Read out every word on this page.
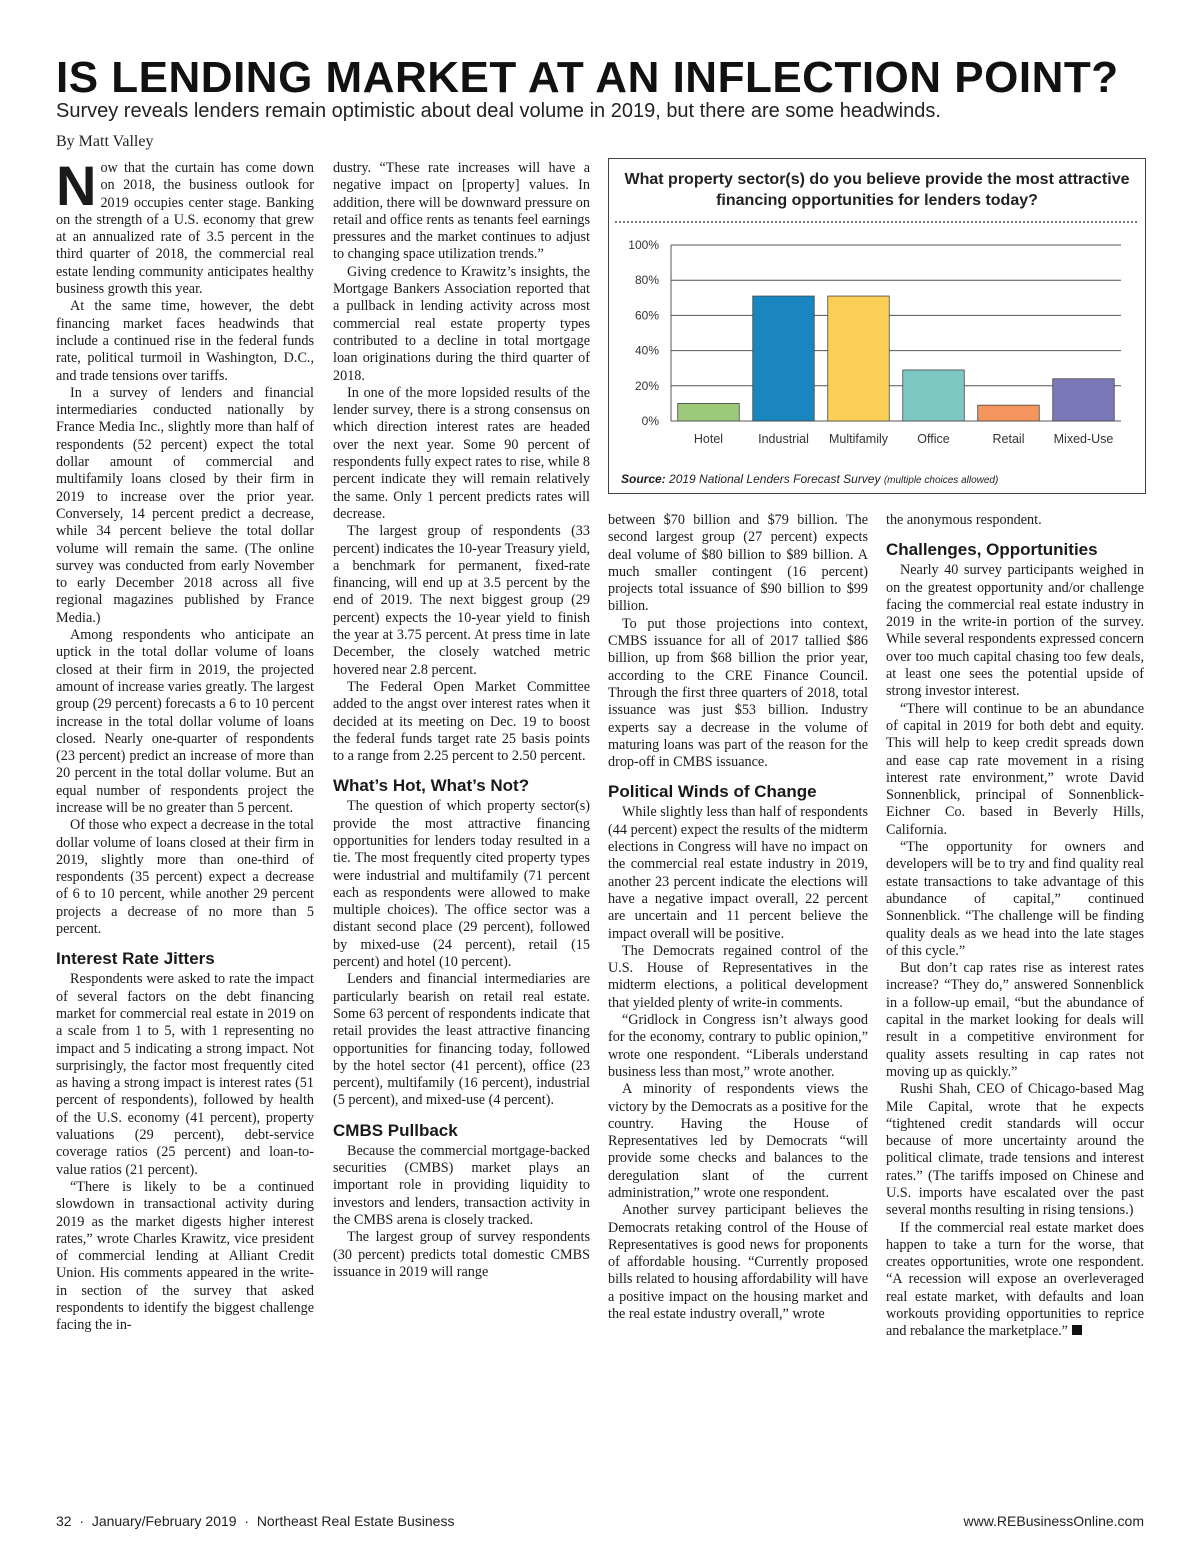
IS LENDING MARKET AT AN INFLECTION POINT?
Survey reveals lenders remain optimistic about deal volume in 2019, but there are some headwinds.
By Matt Valley

Now that the curtain has come down on 2018, the business outlook for 2019 occupies center stage. Banking on the strength of a U.S. economy that grew at an annualized rate of 3.5 percent in the third quarter of 2018, the commercial real estate lending community anticipates healthy business growth this year.

At the same time, however, the debt financing market faces headwinds that include a continued rise in the federal funds rate, political turmoil in Washington, D.C., and trade tensions over tariffs.

In a survey of lenders and financial intermediaries conducted nationally by France Media Inc., slightly more than half of respondents (52 percent) expect the total dollar amount of commercial and multifamily loans closed by their firm in 2019 to increase over the prior year. Conversely, 14 percent predict a decrease, while 34 percent believe the total dollar volume will remain the same. (The online survey was conducted from early November to early December 2018 across all five regional magazines published by France Media.)

Among respondents who anticipate an uptick in the total dollar volume of loans closed at their firm in 2019, the projected amount of increase varies greatly. The largest group (29 percent) forecasts a 6 to 10 percent increase in the total dollar volume of loans closed. Nearly one-quarter of respondents (23 percent) predict an increase of more than 20 percent in the total dollar volume. But an equal number of respondents project the increase will be no greater than 5 percent.

Of those who expect a decrease in the total dollar volume of loans closed at their firm in 2019, slightly more than one-third of respondents (35 percent) expect a decrease of 6 to 10 percent, while another 29 percent projects a decrease of no more than 5 percent.

Interest Rate Jitters

Respondents were asked to rate the impact of several factors on the debt financing market for commercial real estate in 2019 on a scale from 1 to 5, with 1 representing no impact and 5 indicating a strong impact. Not surprisingly, the factor most frequently cited as having a strong impact is interest rates (51 percent of respondents), followed by health of the U.S. economy (41 percent), property valuations (29 percent), debt-service coverage ratios (25 percent) and loan-to-value ratios (21 percent).

“There is likely to be a continued slowdown in transactional activity during 2019 as the market digests higher interest rates,” wrote Charles Krawitz, vice president of commercial lending at Alliant Credit Union. His comments appeared in the write-in section of the survey that asked respondents to identify the biggest challenge facing the in-

dustry. “These rate increases will have a negative impact on [property] values. In addition, there will be downward pressure on retail and office rents as tenants feel earnings pressures and the market continues to adjust to changing space utilization trends.”

Giving credence to Krawitz’s insights, the Mortgage Bankers Association reported that a pullback in lending activity across most commercial real estate property types contributed to a decline in total mortgage loan originations during the third quarter of 2018.

In one of the more lopsided results of the lender survey, there is a strong consensus on which direction interest rates are headed over the next year. Some 90 percent of respondents fully expect rates to rise, while 8 percent indicate they will remain relatively the same. Only 1 percent predicts rates will decrease.

The largest group of respondents (33 percent) indicates the 10-year Treasury yield, a benchmark for permanent, fixed-rate financing, will end up at 3.5 percent by the end of 2019. The next biggest group (29 percent) expects the 10-year yield to finish the year at 3.75 percent. At press time in late December, the closely watched metric hovered near 2.8 percent.

The Federal Open Market Committee added to the angst over interest rates when it decided at its meeting on Dec. 19 to boost the federal funds target rate 25 basis points to a range from 2.25 percent to 2.50 percent.

What’s Hot, What’s Not?

The question of which property sector(s) provide the most attractive financing opportunities for lenders today resulted in a tie. The most frequently cited property types were industrial and multifamily (71 percent each as respondents were allowed to make multiple choices). The office sector was a distant second place (29 percent), followed by mixed-use (24 percent), retail (15 percent) and hotel (10 percent).

Lenders and financial intermediaries are particularly bearish on retail real estate. Some 63 percent of respondents indicate that retail provides the least attractive financing opportunities for financing today, followed by the hotel sector (41 percent), office (23 percent), multifamily (16 percent), industrial (5 percent), and mixed-use (4 percent).

CMBS Pullback

Because the commercial mortgage-backed securities (CMBS) market plays an important role in providing liquidity to investors and lenders, transaction activity in the CMBS arena is closely tracked.

The largest group of survey respondents (30 percent) predicts total domestic CMBS issuance in 2019 will range

What property sector(s) do you believe provide the most attractive financing opportunities for lenders today?
0%
20%
40%
60%
80%
100%
Hotel	Industrial Multifamily Office	Retail Mixed-Use
Source: 2019 National Lenders Forecast Survey (multiple choices allowed)

between $70 billion and $79 billion. The second largest group (27 percent) expects deal volume of $80 billion to $89 billion. A much smaller contingent (16 percent) projects total issuance of $90 billion to $99 billion.

To put those projections into context, CMBS issuance for all of 2017 tallied $86 billion, up from $68 billion the prior year, according to the CRE Finance Council. Through the first three quarters of 2018, total issuance was just $53 billion. Industry experts say a decrease in the volume of maturing loans was part of the reason for the drop-off in CMBS issuance.

Political Winds of Change

While slightly less than half of respondents (44 percent) expect the results of the midterm elections in Congress will have no impact on the commercial real estate industry in 2019, another 23 percent indicate the elections will have a negative impact overall, 22 percent are uncertain and 11 percent believe the impact overall will be positive.

The Democrats regained control of the U.S. House of Representatives in the midterm elections, a political development that yielded plenty of write-in comments.

“Gridlock in Congress isn’t always good for the economy, contrary to public opinion,” wrote one respondent. “Liberals understand business less than most,” wrote another.

A minority of respondents views the victory by the Democrats as a positive for the country. Having the House of Representatives led by Democrats “will provide some checks and balances to the deregulation slant of the current administration,” wrote one respondent.

Another survey participant believes the Democrats retaking control of the House of Representatives is good news for proponents of affordable housing. “Currently proposed bills related to housing affordability will have a positive impact on the housing market and the real estate industry overall,” wrote

the anonymous respondent.

Challenges, Opportunities

Nearly 40 survey participants weighed in on the greatest opportunity and/or challenge facing the commercial real estate industry in 2019 in the write-in portion of the survey. While several respondents expressed concern over too much capital chasing too few deals, at least one sees the potential upside of strong investor interest.

“There will continue to be an abundance of capital in 2019 for both debt and equity. This will help to keep credit spreads down and ease cap rate movement in a rising interest rate environment,” wrote David Sonnenblick, principal of Sonnenblick-Eichner Co. based in Beverly Hills, California.

“The opportunity for owners and developers will be to try and find quality real estate transactions to take advantage of this abundance of capital,” continued Sonnenblick. “The challenge will be finding quality deals as we head into the late stages of this cycle.”

But don’t cap rates rise as interest rates increase? “They do,” answered Sonnenblick in a follow-up email, “but the abundance of capital in the market looking for deals will result in a competitive environment for quality assets resulting in cap rates not moving up as quickly.”

Rushi Shah, CEO of Chicago-based Mag Mile Capital, wrote that he expects “tightened credit standards will occur because of more uncertainty around the political climate, trade tensions and interest rates.” (The tariffs imposed on Chinese and U.S. imports have escalated over the past several months resulting in rising tensions.)

If the commercial real estate market does happen to take a turn for the worse, that creates opportunities, wrote one respondent. “A recession will expose an overleveraged real estate market, with defaults and loan workouts providing opportunities to reprice and rebalance the marketplace.”

32 · January/February 2019 · Northeast Real Estate Business	www.REBusinessOnline.com
